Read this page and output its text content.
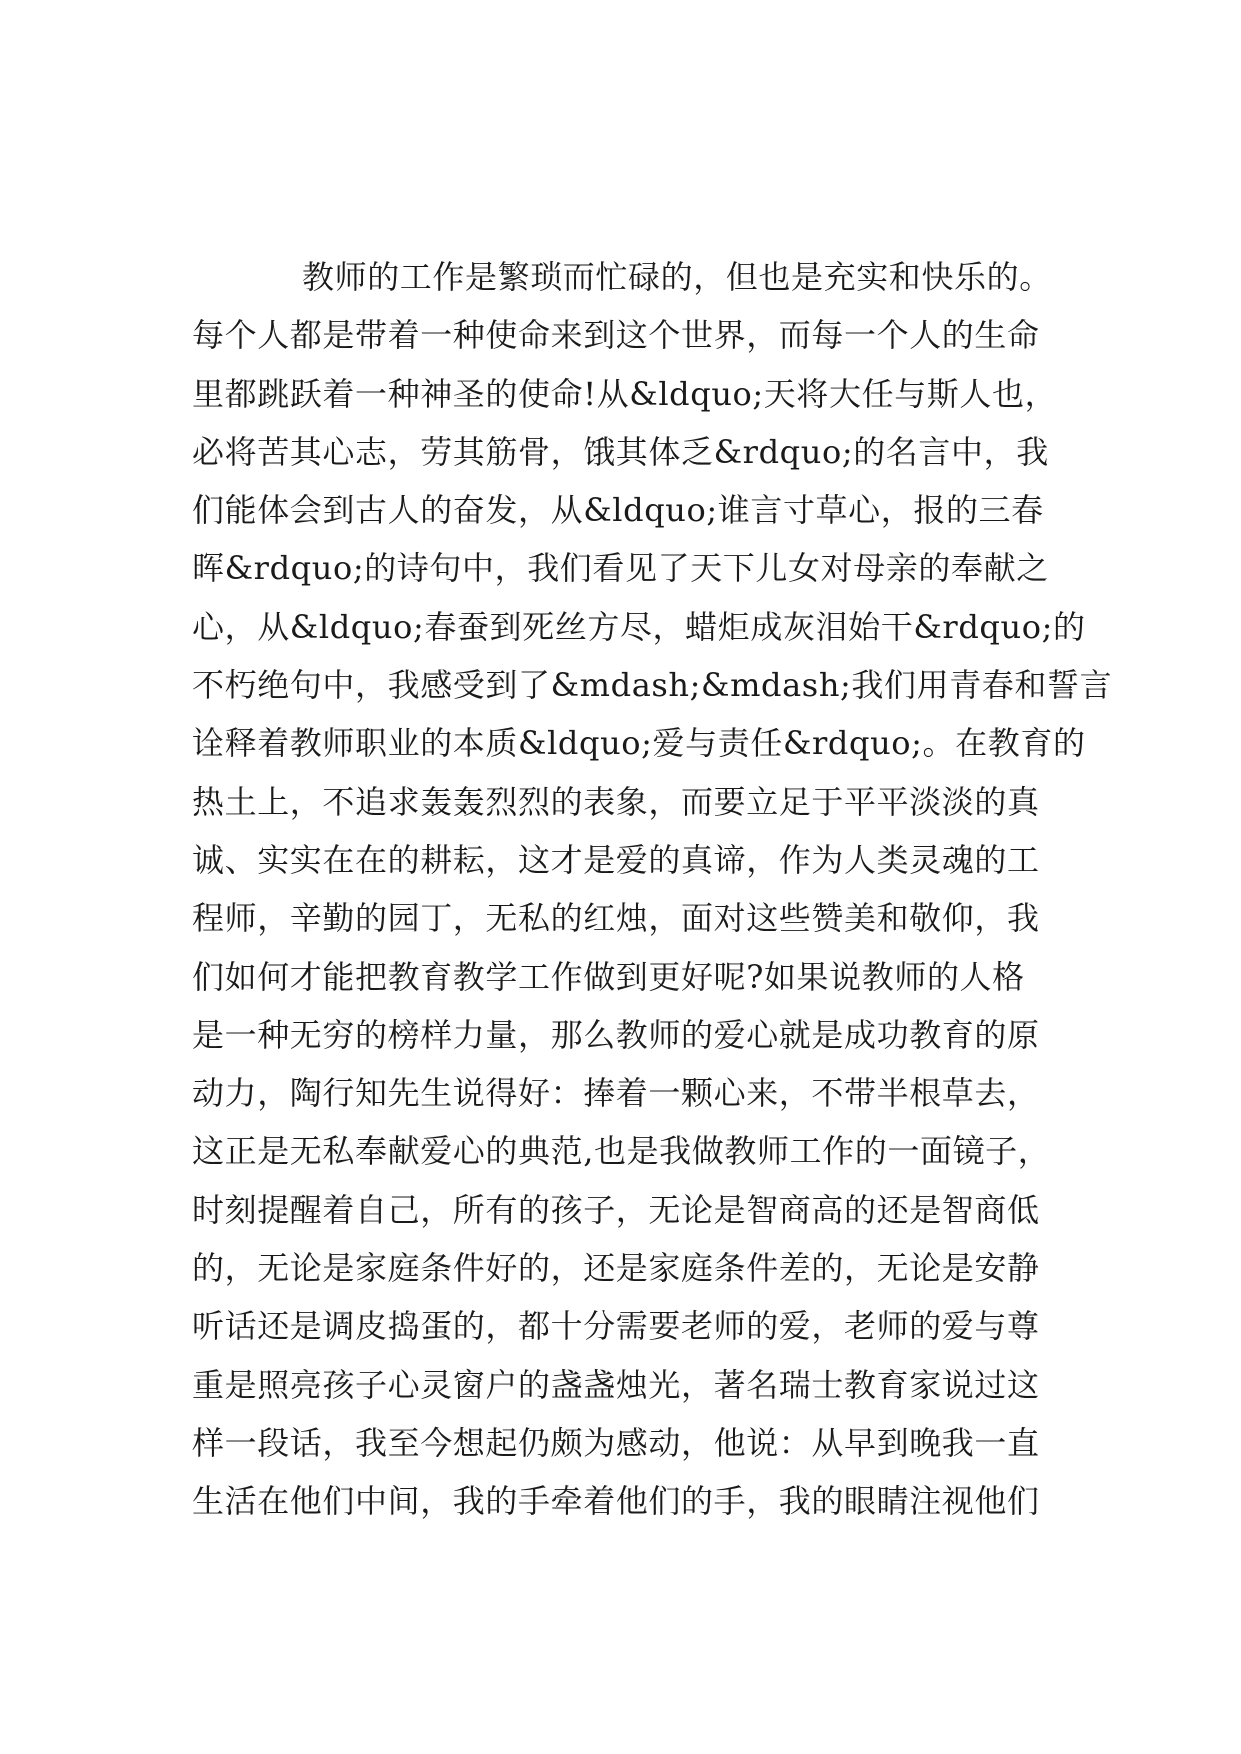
教师的工作是繁琐而忙碌的，但也是充实和快乐的。
每个人都是带着一种使命来到这个世界，而每一个人的生命
里都跳跃着一种神圣的使命!从&ldquo;天将大任与斯人也，
必将苦其心志，劳其筋骨，饿其体乏&rdquo;的名言中，我
们能体会到古人的奋发，从&ldquo;谁言寸草心，报的三春
晖&rdquo;的诗句中，我们看见了天下儿女对母亲的奉献之
心，从&ldquo;春蚕到死丝方尽，蜡炬成灰泪始干&rdquo;的
不朽绝句中，我感受到了&mdash;&mdash;我们用青春和誓言
诠释着教师职业的本质&ldquo;爱与责任&rdquo;。在教育的
热土上，不追求轰轰烈烈的表象，而要立足于平平淡淡的真
诚、实实在在的耕耘，这才是爱的真谛，作为人类灵魂的工
程师，辛勤的园丁，无私的红烛，面对这些赞美和敬仰，我
们如何才能把教育教学工作做到更好呢?如果说教师的人格
是一种无穷的榜样力量，那么教师的爱心就是成功教育的原
动力，陶行知先生说得好：捧着一颗心来，不带半根草去，
这正是无私奉献爱心的典范,也是我做教师工作的一面镜子，
时刻提醒着自己，所有的孩子，无论是智商高的还是智商低
的，无论是家庭条件好的，还是家庭条件差的，无论是安静
听话还是调皮捣蛋的，都十分需要老师的爱，老师的爱与尊
重是照亮孩子心灵窗户的盏盏烛光，著名瑞士教育家说过这
样一段话，我至今想起仍颇为感动，他说：从早到晚我一直
生活在他们中间，我的手牵着他们的手，我的眼睛注视他们
